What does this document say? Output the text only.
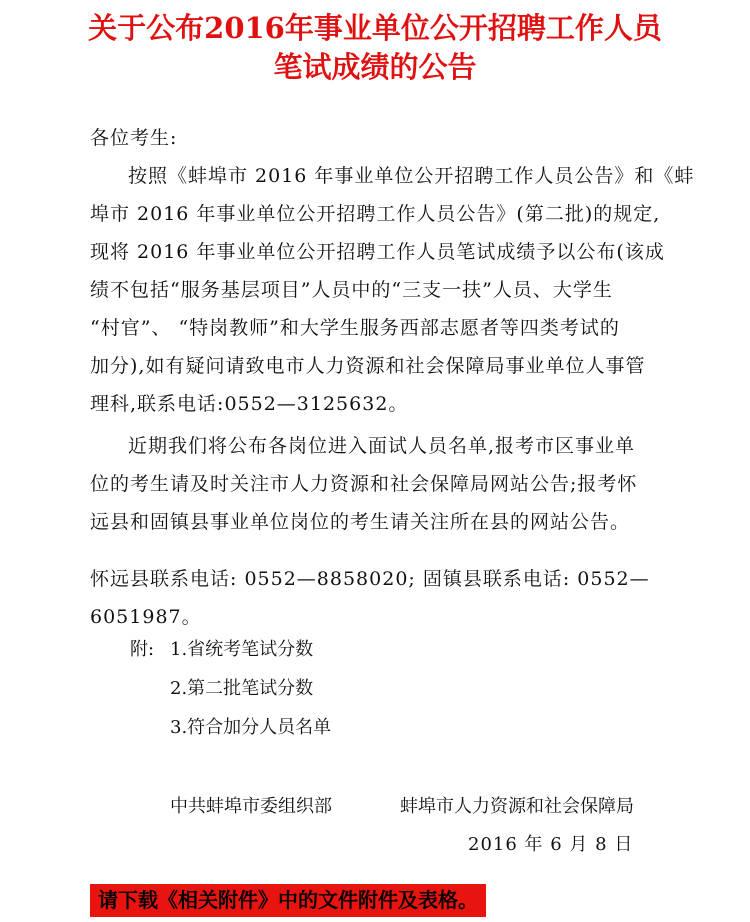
关于公布2016年事业单位公开招聘工作人员
笔试成绩的公告
各位考生:
按照《蚌埠市 2016 年事业单位公开招聘工作人员公告》和《蚌
埠市 2016 年事业单位公开招聘工作人员公告》(第二批)的规定,
现将 2016 年事业单位公开招聘工作人员笔试成绩予以公布(该成
绩不包括“服务基层项目”人员中的“三支一扶”人员、大学生
“村官”、 “特岗教师”和大学生服务西部志愿者等四类考试的
加分),如有疑问请致电市人力资源和社会保障局事业单位人事管
理科,联系电话:0552—3125632。
近期我们将公布各岗位进入面试人员名单,报考市区事业单
位的考生请及时关注市人力资源和社会保障局网站公告;报考怀
远县和固镇县事业单位岗位的考生请关注所在县的网站公告。
怀远县联系电话: 0552—8858020; 固镇县联系电话: 0552—
6051987。
附: 1.省统考笔试分数
2.第二批笔试分数
3.符合加分人员名单
中共蚌埠市委组织部	蚌埠市人力资源和社会保障局
2016 年 6 月 8 日
请下载《相关附件》中的文件附件及表格。
